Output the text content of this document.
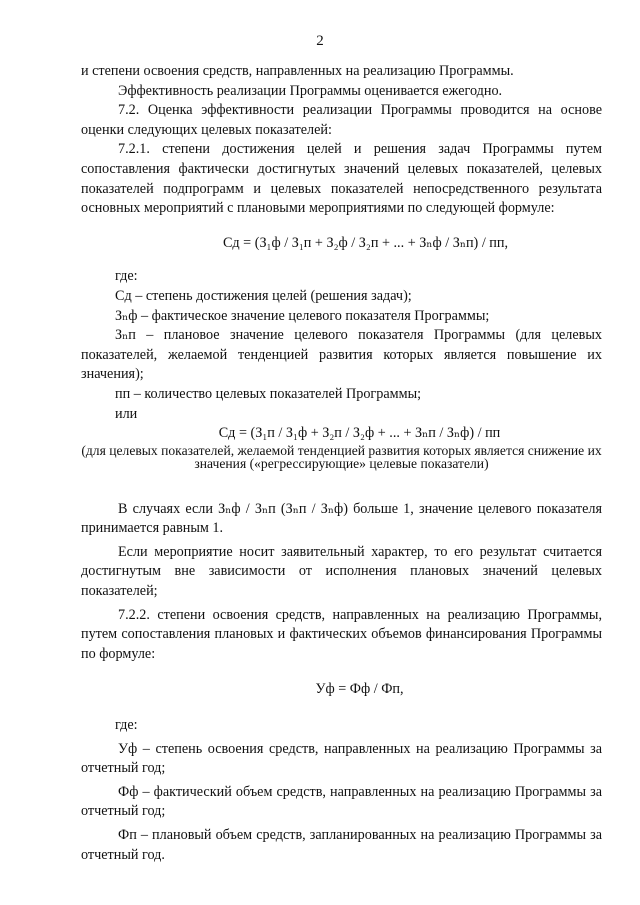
2

и степени освоения средств, направленных на реализацию Программы.

Эффективность реализации Программы оценивается ежегодно.

7.2. Оценка эффективности реализации Программы проводится на основе оценки следующих целевых показателей:

7.2.1. степени достижения целей и решения задач Программы путем сопоставления фактически достигнутых значений целевых показателей, целевых показателей подпрограмм и целевых показателей непосредственного результата основных мероприятий с плановыми мероприятиями по следующей формуле:

Сд = (З₁ф / З₁п + З₂ф / З₂п + ... + Зₙф / Зₙп) / пп,

где:

Сд – степень достижения целей (решения задач);

Зₙф – фактическое значение целевого показателя Программы;

Зₙп – плановое значение целевого показателя Программы (для целевых показателей, желаемой тенденцией развития которых является повышение их значения);

пп – количество целевых показателей Программы;

или

Сд = (З₁п / З₁ф + З₂п / З₂ф + ... + Зₙп / Зₙф) / пп

(для целевых показателей, желаемой тенденцией развития которых является снижение их значения («регрессирующие» целевые показатели)

В случаях если Зₙф / Зₙп (Зₙп / Зₙф) больше 1, значение целевого показателя принимается равным 1.

Если мероприятие носит заявительный характер, то его результат считается достигнутым вне зависимости от исполнения плановых значений целевых показателей;

7.2.2. степени освоения средств, направленных на реализацию Программы, путем сопоставления плановых и фактических объемов финансирования Программы по формуле:

Уф = Фф / Фп,

где:

Уф – степень освоения средств, направленных на реализацию Программы за отчетный год;

Фф – фактический объем средств, направленных на реализацию Программы за отчетный год;

Фп – плановый объем средств, запланированных на реализацию Программы за отчетный год.
